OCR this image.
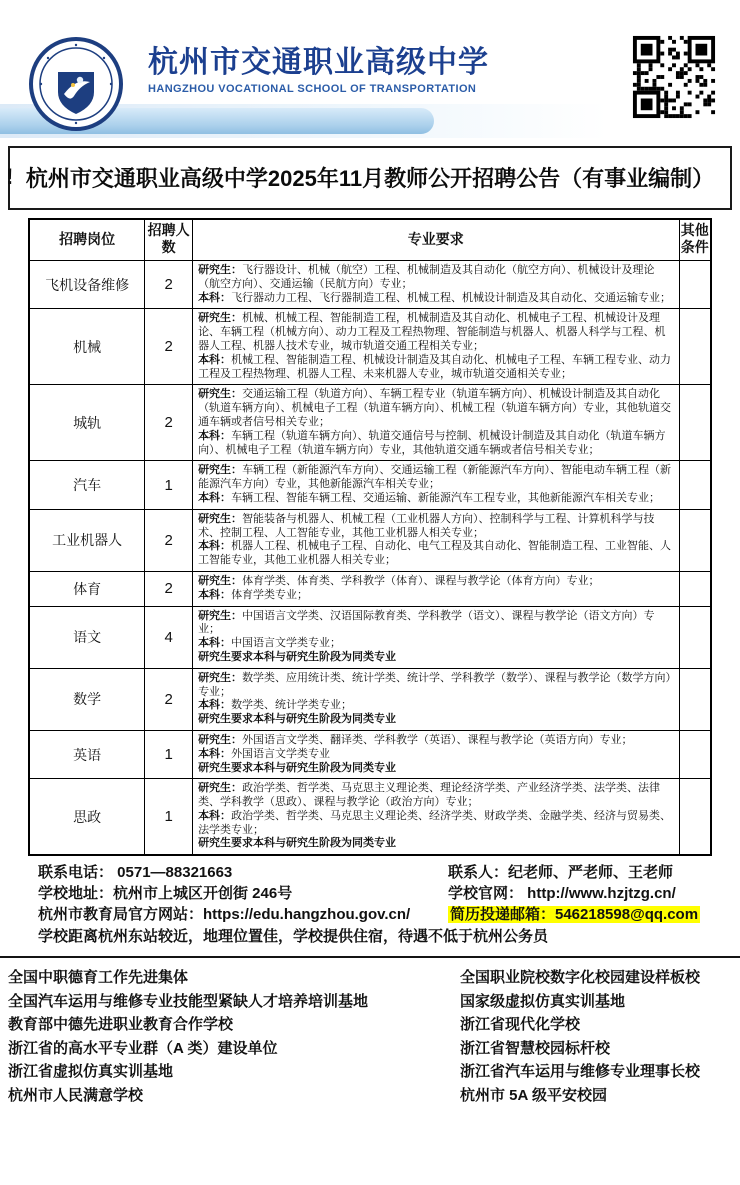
杭州市交通职业高级中学
HANGZHOU VOCATIONAL SCHOOL OF TRANSPORTATION
! 杭州市交通职业高级中学2025年11月教师公开招聘公告（有事业编制）
招聘岗位	招聘人数	专业要求	其他条件
飞机设备维修	2	研究生：飞行器设计、机械（航空）工程、机械制造及其自动化（航空方向）、机械设计及理论（航空方向）、交通运输（民航方向）专业；
本科：飞行器动力工程、飞行器制造工程、机械工程、机械设计制造及其自动化、交通运输专业；	

机械	2	研究生：机械、机械工程、智能制造工程，机械制造及其自动化、机械电子工程、机械设计及理论、车辆工程（机械方向）、动力工程及工程热物理、智能制造与机器人、机器人科学与工程、机器人工程、机器人技术专业，城市轨道交通工程相关专业；
本科：机械工程、智能制造工程、机械设计制造及其自动化、机械电子工程、车辆工程专业、动力工程及工程热物理、机器人工程、未来机器人专业，城市轨道交通相关专业；	

城轨	2	研究生：交通运输工程（轨道方向）、车辆工程专业（轨道车辆方向）、机械设计制造及其自动化（轨道车辆方向）、机械电子工程（轨道车辆方向）、机械工程（轨道车辆方向）专业，其他轨道交通车辆或者信号相关专业；
本科：车辆工程（轨道车辆方向）、轨道交通信号与控制、机械设计制造及其自动化（轨道车辆方向）、机械电子工程（轨道车辆方向）专业，其他轨道交通车辆或者信号相关专业；	

汽车	1	研究生：车辆工程（新能源汽车方向）、交通运输工程（新能源汽车方向）、智能电动车辆工程（新能源汽车方向）专业，其他新能源汽车相关专业；
本科：车辆工程、智能车辆工程、交通运输、新能源汽车工程专业，其他新能源汽车相关专业；	

工业机器人	2	研究生：智能装备与机器人、机械工程（工业机器人方向）、控制科学与工程、计算机科学与技术、控制工程、人工智能专业，其他工业机器人相关专业；
本科：机器人工程、机械电子工程、自动化、电气工程及其自动化、智能制造工程、工业智能、人工智能专业，其他工业机器人相关专业；	

体育	2	研究生：体育学类、体育类、学科教学（体育）、课程与教学论（体育方向）专业；
本科：体育学类专业；	

语文	4	研究生：中国语言文学类、汉语国际教育类、学科教学（语文）、课程与教学论（语文方向）专业；
本科：中国语言文学类专业；
研究生要求本科与研究生阶段为同类专业	

数学	2	研究生：数学类、应用统计类、统计学类、统计学、学科教学（数学）、课程与教学论（数学方向）专业；
本科：数学类、统计学类专业；
研究生要求本科与研究生阶段为同类专业	

英语	1	研究生：外国语言文学类、翻译类、学科教学（英语）、课程与教学论（英语方向）专业；
本科：外国语言文学类专业
研究生要求本科与研究生阶段为同类专业	

思政	1	研究生：政治学类、哲学类、马克思主义理论类、理论经济学类、产业经济学类、法学类、法律类、学科教学（思政）、课程与教学论（政治方向）专业；
本科：政治学类、哲学类、马克思主义理论类、经济学类、财政学类、金融学类、经济与贸易类、法学类专业；
研究生要求本科与研究生阶段为同类专业	

联系电话： 0571—88321663	联系人：纪老师、严老师、王老师
学校地址：杭州市上城区开创街 246号	学校官网： http://www.hzjtzg.cn/
杭州市教育局官方网站：https://edu.hangzhou.gov.cn/	简历投递邮箱：546218598@qq.com
学校距离杭州东站较近，地理位置佳，学校提供住宿，待遇不低于杭州公务员
全国中职德育工作先进集体
全国汽车运用与维修专业技能型紧缺人才培养培训基地
教育部中德先进职业教育合作学校
浙江省的高水平专业群（A 类）建设单位
浙江省虚拟仿真实训基地
杭州市人民满意学校
全国职业院校数字化校园建设样板校
国家级虚拟仿真实训基地
浙江省现代化学校
浙江省智慧校园标杆校
浙江省汽车运用与维修专业理事长校
杭州市 5A 级平安校园
